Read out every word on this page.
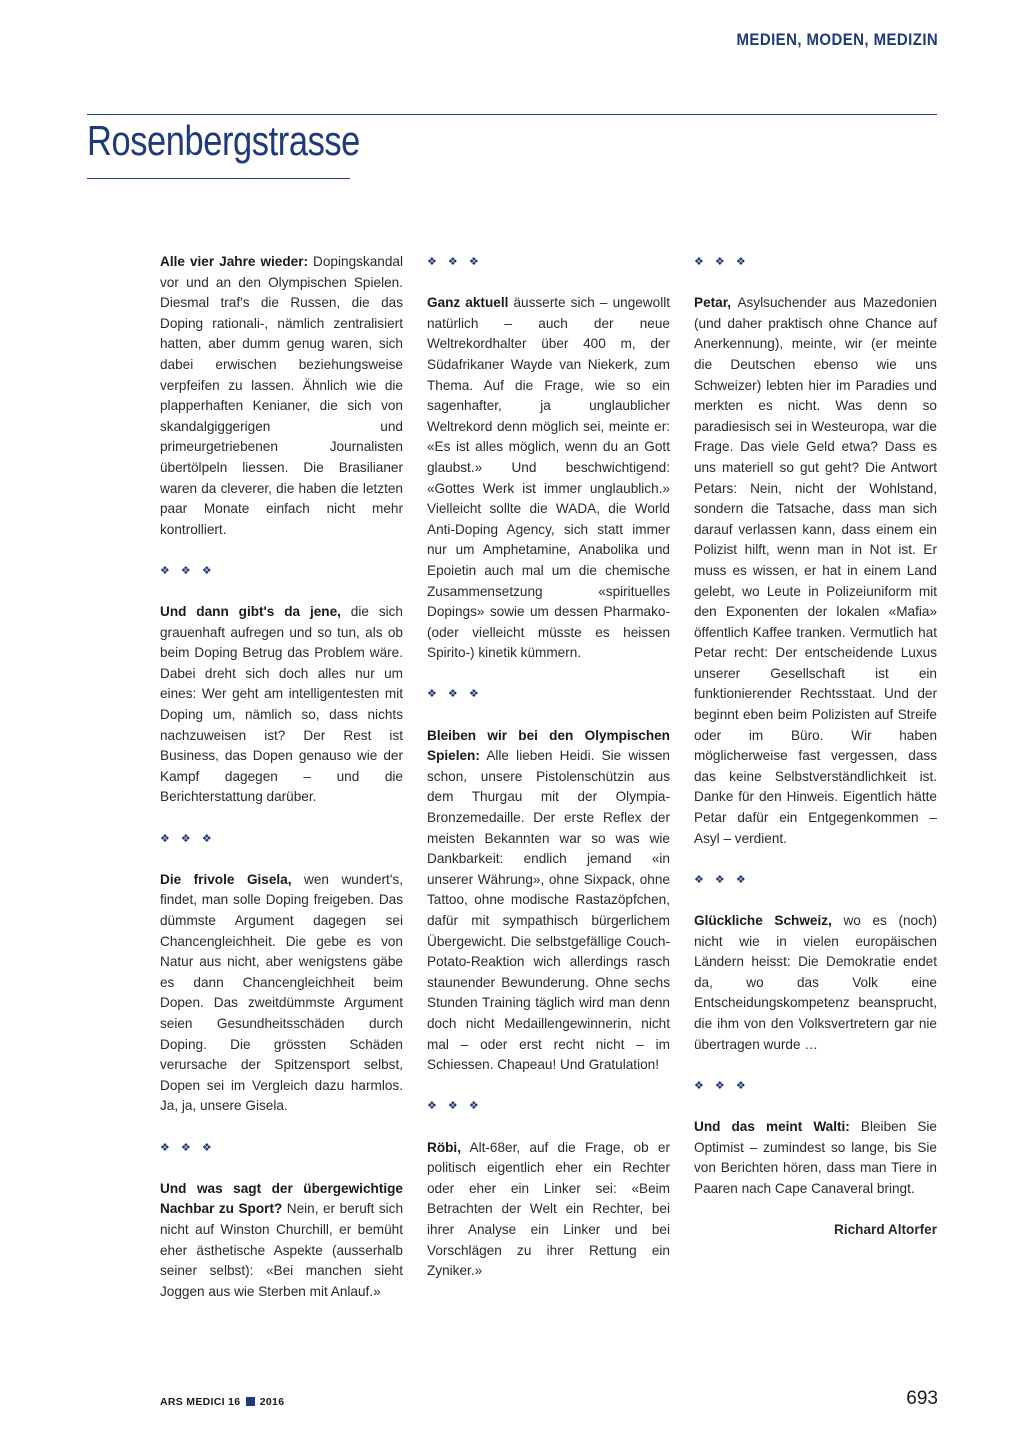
MEDIEN, MODEN, MEDIZIN
Rosenbergstrasse

Alle vier Jahre wieder: Dopingskandal vor und an den Olympischen Spielen. Diesmal traf's die Russen, die das Doping rationali-, nämlich zentralisiert hatten, aber dumm genug waren, sich dabei erwischen beziehungsweise verpfeifen zu lassen. Ähnlich wie die plapperhaften Kenianer, die sich von skandalgiggerigen und primeurgetriebenen Journalisten übertölpeln liessen. Die Brasilianer waren da cleverer, die haben die letzten paar Monate einfach nicht mehr kontrolliert.

❖ ❖ ❖

Und dann gibt's da jene, die sich grauenhaft aufregen und so tun, als ob beim Doping Betrug das Problem wäre. Dabei dreht sich doch alles nur um eines: Wer geht am intelligentesten mit Doping um, nämlich so, dass nichts nachzuweisen ist? Der Rest ist Business, das Dopen genauso wie der Kampf dagegen – und die Berichterstattung darüber.

❖ ❖ ❖

Die frivole Gisela, wen wundert's, findet, man solle Doping freigeben. Das dümmste Argument dagegen sei Chancengleichheit. Die gebe es von Natur aus nicht, aber wenigstens gäbe es dann Chancengleichheit beim Dopen. Das zweitdümmste Argument seien Gesundheitsschäden durch Doping. Die grössten Schäden verursache der Spitzensport selbst, Dopen sei im Vergleich dazu harmlos. Ja, ja, unsere Gisela.

❖ ❖ ❖

Und was sagt der übergewichtige Nachbar zu Sport? Nein, er beruft sich nicht auf Winston Churchill, er bemüht eher ästhetische Aspekte (ausserhalb seiner selbst): «Bei manchen sieht Joggen aus wie Sterben mit Anlauf.»

❖ ❖ ❖

Ganz aktuell äusserte sich – ungewollt natürlich – auch der neue Weltrekordhalter über 400 m, der Südafrikaner Wayde van Niekerk, zum Thema. Auf die Frage, wie so ein sagenhafter, ja unglaublicher Weltrekord denn möglich sei, meinte er: «Es ist alles möglich, wenn du an Gott glaubst.» Und beschwichtigend: «Gottes Werk ist immer unglaublich.» Vielleicht sollte die WADA, die World Anti-Doping Agency, sich statt immer nur um Amphetamine, Anabolika und Epoietin auch mal um die chemische Zusammensetzung «spirituelles Dopings» sowie um dessen Pharmako- (oder vielleicht müsste es heissen Spirito-) kinetik kümmern.

❖ ❖ ❖

Bleiben wir bei den Olympischen Spielen: Alle lieben Heidi. Sie wissen schon, unsere Pistolenschützin aus dem Thurgau mit der Olympia-Bronzemedaille. Der erste Reflex der meisten Bekannten war so was wie Dankbarkeit: endlich jemand «in unserer Währung», ohne Sixpack, ohne Tattoo, ohne modische Rastazöpfchen, dafür mit sympathisch bürgerlichem Übergewicht. Die selbstgefällige Couch-Potato-Reaktion wich allerdings rasch staunender Bewunderung. Ohne sechs Stunden Training täglich wird man denn doch nicht Medaillengewinnerin, nicht mal – oder erst recht nicht – im Schiessen. Chapeau! Und Gratulation!

❖ ❖ ❖

Röbi, Alt-68er, auf die Frage, ob er politisch eigentlich eher ein Rechter oder eher ein Linker sei: «Beim Betrachten der Welt ein Rechter, bei ihrer Analyse ein Linker und bei Vorschlägen zu ihrer Rettung ein Zyniker.»

❖ ❖ ❖

Petar, Asylsuchender aus Mazedonien (und daher praktisch ohne Chance auf Anerkennung), meinte, wir (er meinte die Deutschen ebenso wie uns Schweizer) lebten hier im Paradies und merkten es nicht. Was denn so paradiesisch sei in Westeuropa, war die Frage. Das viele Geld etwa? Dass es uns materiell so gut geht? Die Antwort Petars: Nein, nicht der Wohlstand, sondern die Tatsache, dass man sich darauf verlassen kann, dass einem ein Polizist hilft, wenn man in Not ist. Er muss es wissen, er hat in einem Land gelebt, wo Leute in Polizeiuniform mit den Exponenten der lokalen «Mafia» öffentlich Kaffee tranken. Vermutlich hat Petar recht: Der entscheidende Luxus unserer Gesellschaft ist ein funktionierender Rechtsstaat. Und der beginnt eben beim Polizisten auf Streife oder im Büro. Wir haben möglicherweise fast vergessen, dass das keine Selbstverständlichkeit ist. Danke für den Hinweis. Eigentlich hätte Petar dafür ein Entgegenkommen – Asyl – verdient.

❖ ❖ ❖

Glückliche Schweiz, wo es (noch) nicht wie in vielen europäischen Ländern heisst: Die Demokratie endet da, wo das Volk eine Entscheidungskompetenz beansprucht, die ihm von den Volksvertretern gar nie übertragen wurde …

❖ ❖ ❖

Und das meint Walti: Bleiben Sie Optimist – zumindest so lange, bis Sie von Berichten hören, dass man Tiere in Paaren nach Cape Canaveral bringt.

Richard Altorfer
ARS MEDICI 16 2016	693
